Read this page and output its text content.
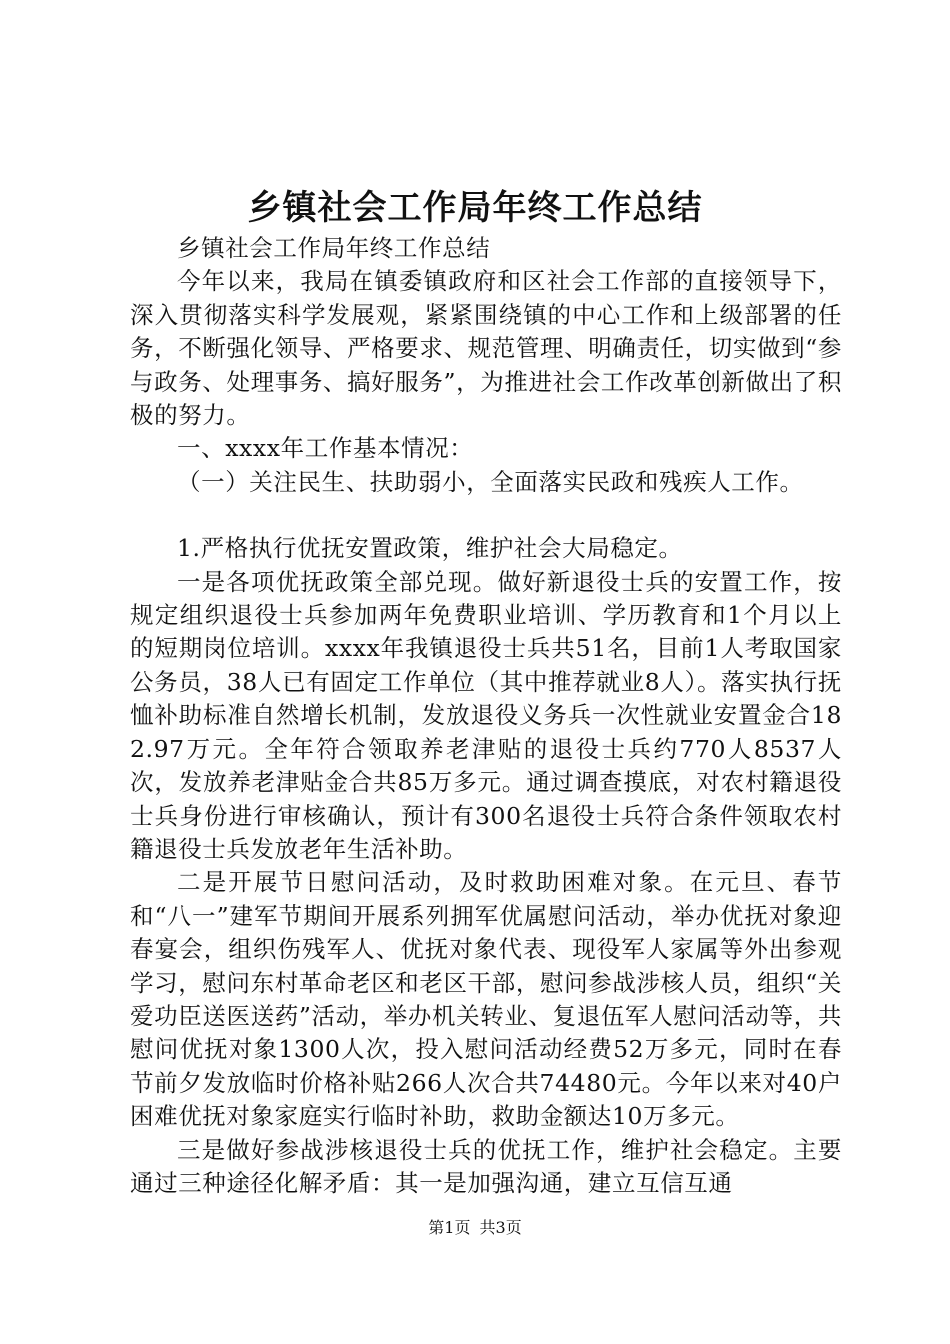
乡镇社会工作局年终工作总结

乡镇社会工作局年终工作总结

今年以来，我局在镇委镇政府和区社会工作部的直接领导下，深入贯彻落实科学发展观，紧紧围绕镇的中心工作和上级部署的任务，不断强化领导、严格要求、规范管理、明确责任，切实做到“参与政务、处理事务、搞好服务”，为推进社会工作改革创新做出了积极的努力。

一、xxxx年工作基本情况：

（一）关注民生、扶助弱小，全面落实民政和残疾人工作。

1.严格执行优抚安置政策，维护社会大局稳定。

一是各项优抚政策全部兑现。做好新退役士兵的安置工作，按规定组织退役士兵参加两年免费职业培训、学历教育和1个月以上的短期岗位培训。xxxx年我镇退役士兵共51名，目前1人考取国家公务员，38人已有固定工作单位（其中推荐就业8人）。落实执行抚恤补助标准自然增长机制，发放退役义务兵一次性就业安置金合182.97万元。全年符合领取养老津贴的退役士兵约770人8537人次，发放养老津贴金合共85万多元。通过调查摸底，对农村籍退役士兵身份进行审核确认，预计有300名退役士兵符合条件领取农村籍退役士兵发放老年生活补助。

二是开展节日慰问活动，及时救助困难对象。在元旦、春节和“八一”建军节期间开展系列拥军优属慰问活动，举办优抚对象迎春宴会，组织伤残军人、优抚对象代表、现役军人家属等外出参观学习，慰问东村革命老区和老区干部，慰问参战涉核人员，组织“关爱功臣送医送药”活动，举办机关转业、复退伍军人慰问活动等，共慰问优抚对象1300人次，投入慰问活动经费52万多元，同时在春节前夕发放临时价格补贴266人次合共74480元。今年以来对40户困难优抚对象家庭实行临时补助，救助金额达10万多元。

三是做好参战涉核退役士兵的优抚工作，维护社会稳定。主要通过三种途径化解矛盾：其一是加强沟通，建立互信互通

第1页 共3页
